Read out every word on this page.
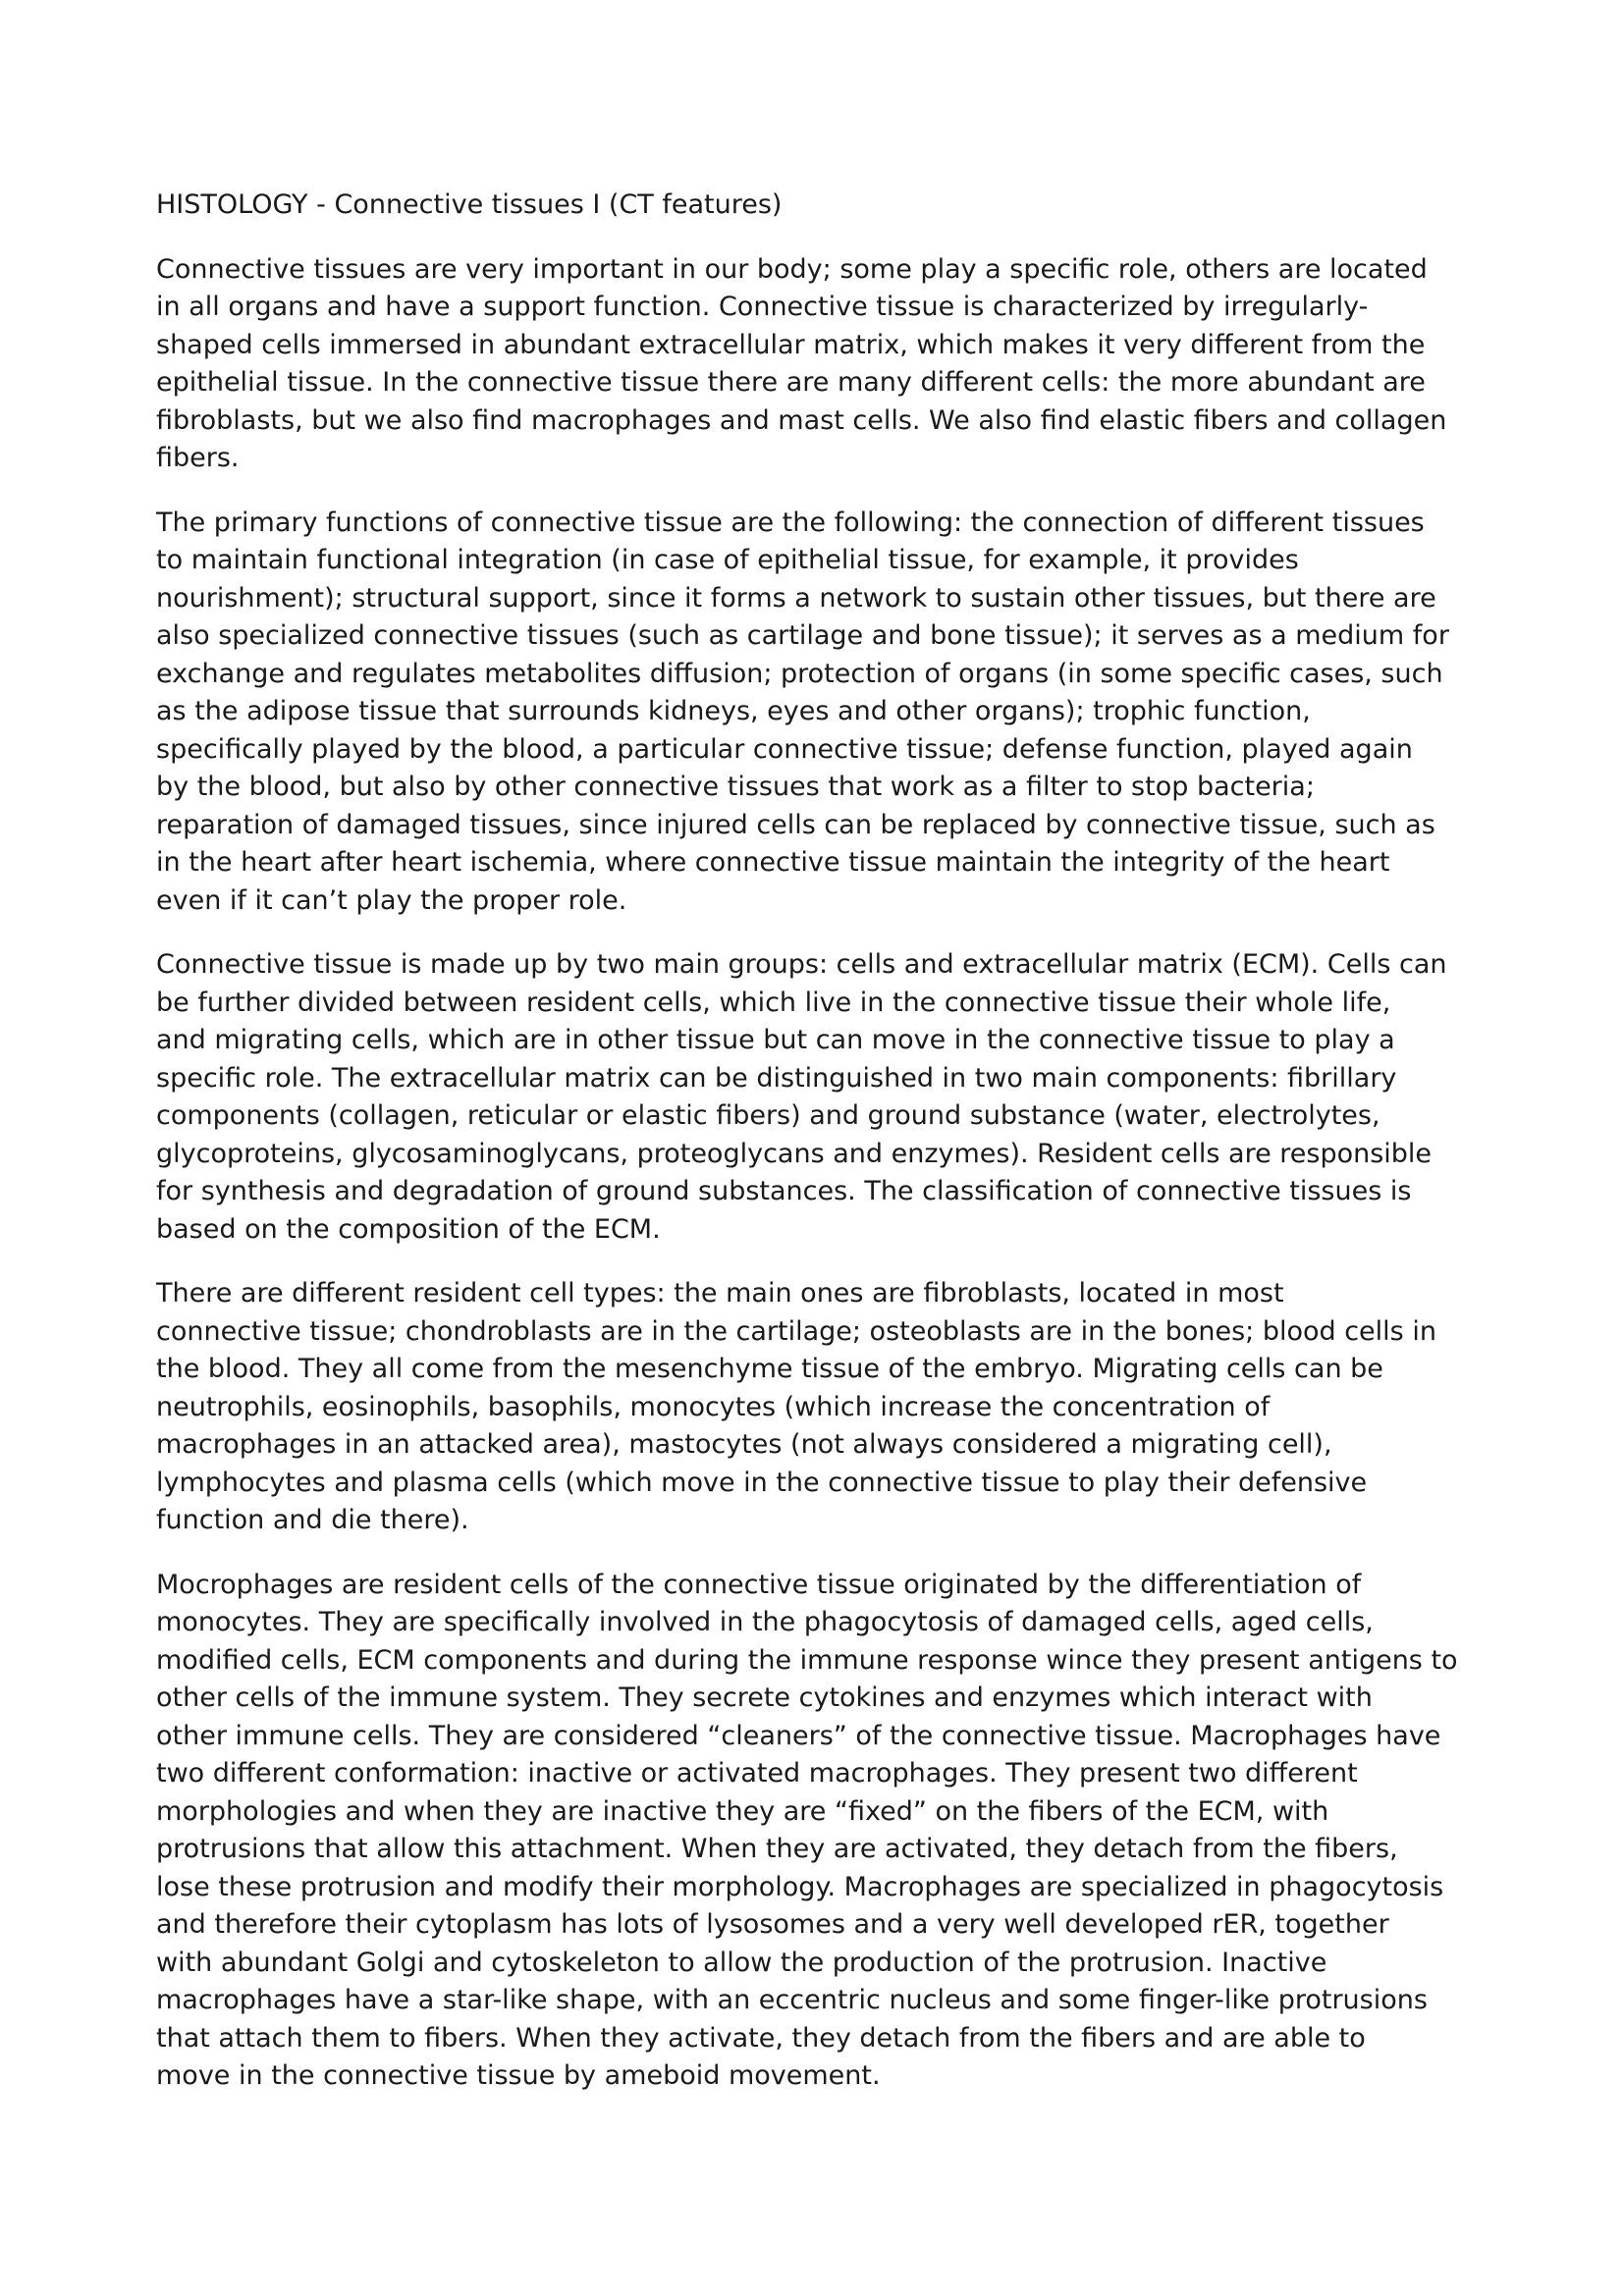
HISTOLOGY - Connective tissues I (CT features)

Connective tissues are very important in our body; some play a specific role, others are located
in all organs and have a support function. Connective tissue is characterized by irregularly-
shaped cells immersed in abundant extracellular matrix, which makes it very different from the
epithelial tissue. In the connective tissue there are many different cells: the more abundant are
fibroblasts, but we also find macrophages and mast cells. We also find elastic fibers and collagen
fibers.

The primary functions of connective tissue are the following: the connection of different tissues
to maintain functional integration (in case of epithelial tissue, for example, it provides
nourishment); structural support, since it forms a network to sustain other tissues, but there are
also specialized connective tissues (such as cartilage and bone tissue); it serves as a medium for
exchange and regulates metabolites diffusion; protection of organs (in some specific cases, such
as the adipose tissue that surrounds kidneys, eyes and other organs); trophic function,
specifically played by the blood, a particular connective tissue; defense function, played again
by the blood, but also by other connective tissues that work as a filter to stop bacteria;
reparation of damaged tissues, since injured cells can be replaced by connective tissue, such as
in the heart after heart ischemia, where connective tissue maintain the integrity of the heart
even if it can’t play the proper role.

Connective tissue is made up by two main groups: cells and extracellular matrix (ECM). Cells can
be further divided between resident cells, which live in the connective tissue their whole life,
and migrating cells, which are in other tissue but can move in the connective tissue to play a
specific role. The extracellular matrix can be distinguished in two main components: fibrillary
components (collagen, reticular or elastic fibers) and ground substance (water, electrolytes,
glycoproteins, glycosaminoglycans, proteoglycans and enzymes). Resident cells are responsible
for synthesis and degradation of ground substances. The classification of connective tissues is
based on the composition of the ECM.

There are different resident cell types: the main ones are fibroblasts, located in most
connective tissue; chondroblasts are in the cartilage; osteoblasts are in the bones; blood cells in
the blood. They all come from the mesenchyme tissue of the embryo. Migrating cells can be
neutrophils, eosinophils, basophils, monocytes (which increase the concentration of
macrophages in an attacked area), mastocytes (not always considered a migrating cell),
lymphocytes and plasma cells (which move in the connective tissue to play their defensive
function and die there).

Mocrophages are resident cells of the connective tissue originated by the differentiation of
monocytes. They are specifically involved in the phagocytosis of damaged cells, aged cells,
modified cells, ECM components and during the immune response wince they present antigens to
other cells of the immune system. They secrete cytokines and enzymes which interact with
other immune cells. They are considered “cleaners” of the connective tissue. Macrophages have
two different conformation: inactive or activated macrophages. They present two different
morphologies and when they are inactive they are “fixed” on the fibers of the ECM, with
protrusions that allow this attachment. When they are activated, they detach from the fibers,
lose these protrusion and modify their morphology. Macrophages are specialized in phagocytosis
and therefore their cytoplasm has lots of lysosomes and a very well developed rER, together
with abundant Golgi and cytoskeleton to allow the production of the protrusion. Inactive
macrophages have a star-like shape, with an eccentric nucleus and some finger-like protrusions
that attach them to fibers. When they activate, they detach from the fibers and are able to
move in the connective tissue by ameboid movement.
